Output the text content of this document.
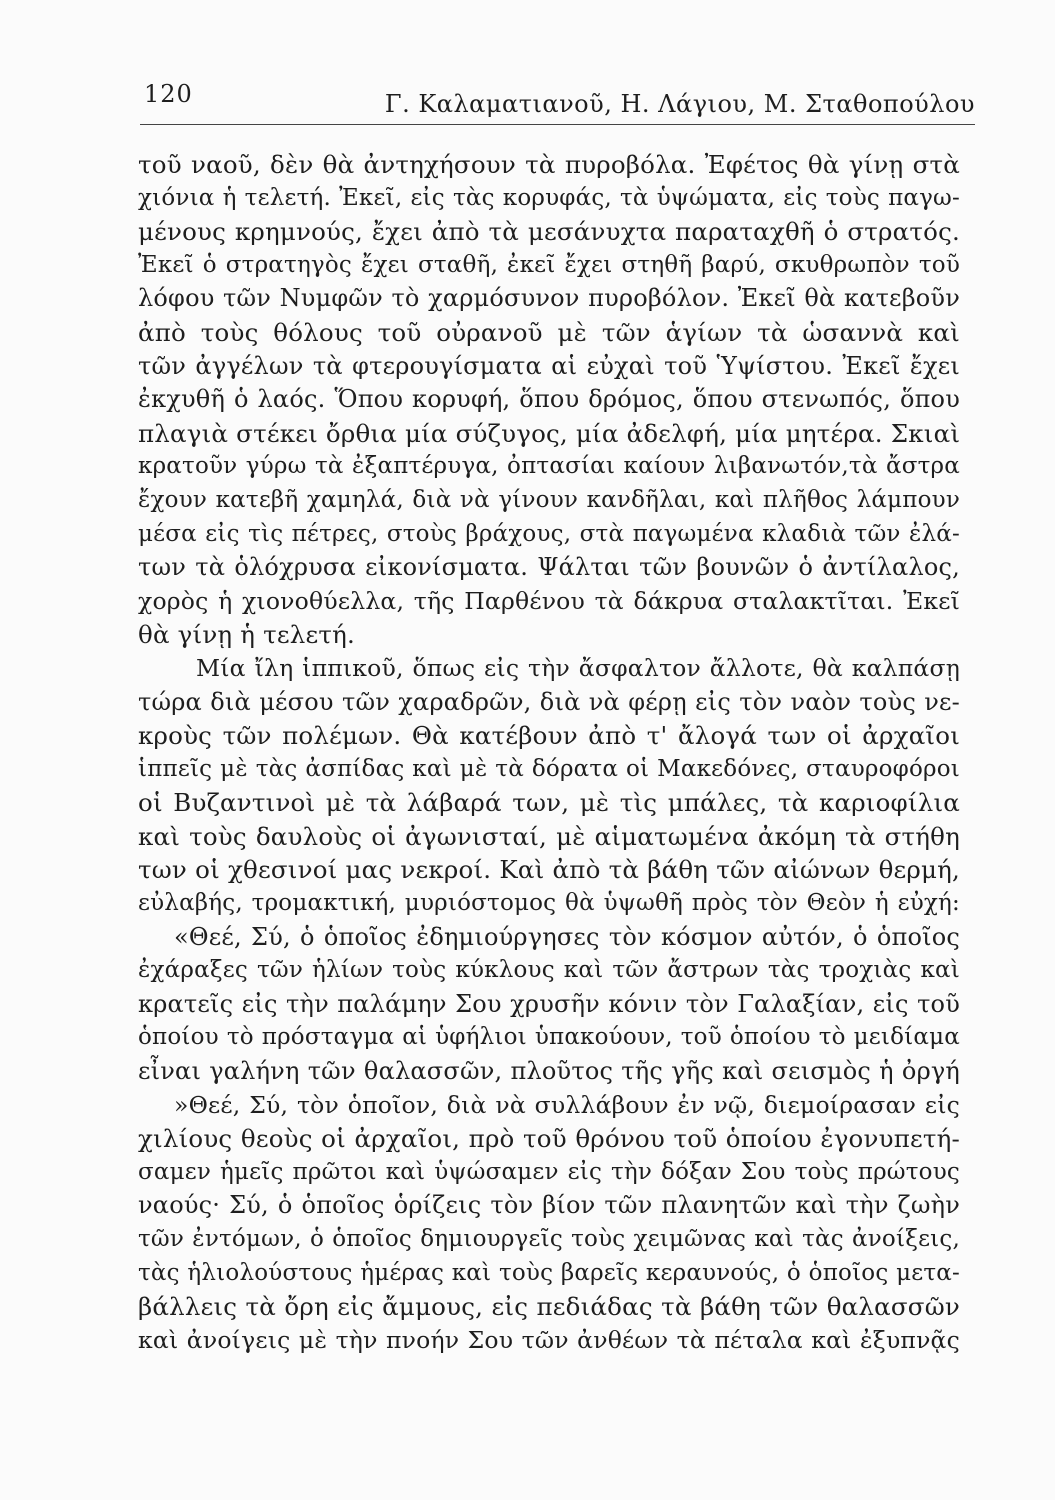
120	Γ. Καλαματιανοῦ, Η. Λάγιου, Μ. Σταθοπούλου
τοῦ ναοῦ, δὲν θὰ ἀντηχήσουν τὰ πυροβόλα. Ἐφέτος θὰ γίνῃ στὰ
χιόνια ἡ τελετή. Ἐκεῖ, εἰς τὰς κορυφάς, τὰ ὑψώματα, εἰς τοὺς παγω-
μένους κρημνούς, ἔχει ἀπὸ τὰ μεσάνυχτα παραταχθῆ ὁ στρατός.
Ἐκεῖ ὁ στρατηγὸς ἔχει σταθῆ, ἐκεῖ ἔχει στηθῆ βαρύ, σκυθρωπὸν τοῦ
λόφου τῶν Νυμφῶν τὸ χαρμόσυνον πυροβόλον. Ἐκεῖ θὰ κατεβοῦν
ἀπὸ τοὺς θόλους τοῦ οὐρανοῦ μὲ τῶν ἁγίων τὰ ὡσαννὰ καὶ
τῶν ἀγγέλων τὰ φτερουγίσματα αἱ εὐχαὶ τοῦ Ὑψίστου. Ἐκεῖ ἔχει
ἐκχυθῆ ὁ λαός. Ὅπου κορυφή, ὅπου δρόμος, ὅπου στενωπός, ὅπου
πλαγιὰ στέκει ὄρθια μία σύζυγος, μία ἀδελφή, μία μητέρα. Σκιαὶ
κρατοῦν γύρω τὰ ἐξαπτέρυγα, ὀπτασίαι καίουν λιβανωτόν,τὰ ἄστρα
ἔχουν κατεβῆ χαμηλά, διὰ νὰ γίνουν κανδῆλαι, καὶ πλῆθος λάμπουν
μέσα εἰς τὶς πέτρες, στοὺς βράχους, στὰ παγωμένα κλαδιὰ τῶν ἐλά-
των τὰ ὁλόχρυσα εἰκονίσματα. Ψάλται τῶν βουνῶν ὁ ἀντίλαλος,
χορὸς ἡ χιονοθύελλα, τῆς Παρθένου τὰ δάκρυα σταλακτῖται. Ἐκεῖ
θὰ γίνῃ ἡ τελετή.
Μία ἴλη ἱππικοῦ, ὅπως εἰς τὴν ἄσφαλτον ἄλλοτε, θὰ καλπάσῃ
τώρα διὰ μέσου τῶν χαραδρῶν, διὰ νὰ φέρῃ εἰς τὸν ναὸν τοὺς νε-
κροὺς τῶν πολέμων. Θὰ κατέβουν ἀπὸ τ' ἄλογά των οἱ ἀρχαῖοι
ἱππεῖς μὲ τὰς ἀσπίδας καὶ μὲ τὰ δόρατα οἱ Μακεδόνες, σταυροφόροι
οἱ Βυζαντινοὶ μὲ τὰ λάβαρά των, μὲ τὶς μπάλες, τὰ καριοφίλια
καὶ τοὺς δαυλοὺς οἱ ἀγωνισταί, μὲ αἱματωμένα ἀκόμη τὰ στήθη
των οἱ χθεσινοί μας νεκροί. Καὶ ἀπὸ τὰ βάθη τῶν αἰώνων θερμή,
εὐλαβής, τρομακτική, μυριόστομος θὰ ὑψωθῆ πρὸς τὸν Θεὸν ἡ εὐχή:
«Θεέ, Σύ, ὁ ὁποῖος ἐδημιούργησες τὸν κόσμον αὐτόν, ὁ ὁποῖος
ἐχάραξες τῶν ἡλίων τοὺς κύκλους καὶ τῶν ἄστρων τὰς τροχιὰς καὶ
κρατεῖς εἰς τὴν παλάμην Σου χρυσῆν κόνιν τὸν Γαλαξίαν, εἰς τοῦ
ὁποίου τὸ πρόσταγμα αἱ ὑφήλιοι ὑπακούουν, τοῦ ὁποίου τὸ μειδίαμα
εἶναι γαλήνη τῶν θαλασσῶν, πλοῦτος τῆς γῆς καὶ σεισμὸς ἡ ὀργή
»Θεέ, Σύ, τὸν ὁποῖον, διὰ νὰ συλλάβουν ἐν νῷ, διεμοίρασαν εἰς
χιλίους θεοὺς οἱ ἀρχαῖοι, πρὸ τοῦ θρόνου τοῦ ὁποίου ἐγονυπετή-
σαμεν ἡμεῖς πρῶτοι καὶ ὑψώσαμεν εἰς τὴν δόξαν Σου τοὺς πρώτους
ναούς· Σύ, ὁ ὁποῖος ὁρίζεις τὸν βίον τῶν πλανητῶν καὶ τὴν ζωὴν
τῶν ἐντόμων, ὁ ὁποῖος δημιουργεῖς τοὺς χειμῶνας καὶ τὰς ἀνοίξεις,
τὰς ἡλιολούστους ἡμέρας καὶ τοὺς βαρεῖς κεραυνούς, ὁ ὁποῖος μετα-
βάλλεις τὰ ὄρη εἰς ἄμμους, εἰς πεδιάδας τὰ βάθη τῶν θαλασσῶν
καὶ ἀνοίγεις μὲ τὴν πνοήν Σου τῶν ἀνθέων τὰ πέταλα καὶ ἐξυπνᾷς
